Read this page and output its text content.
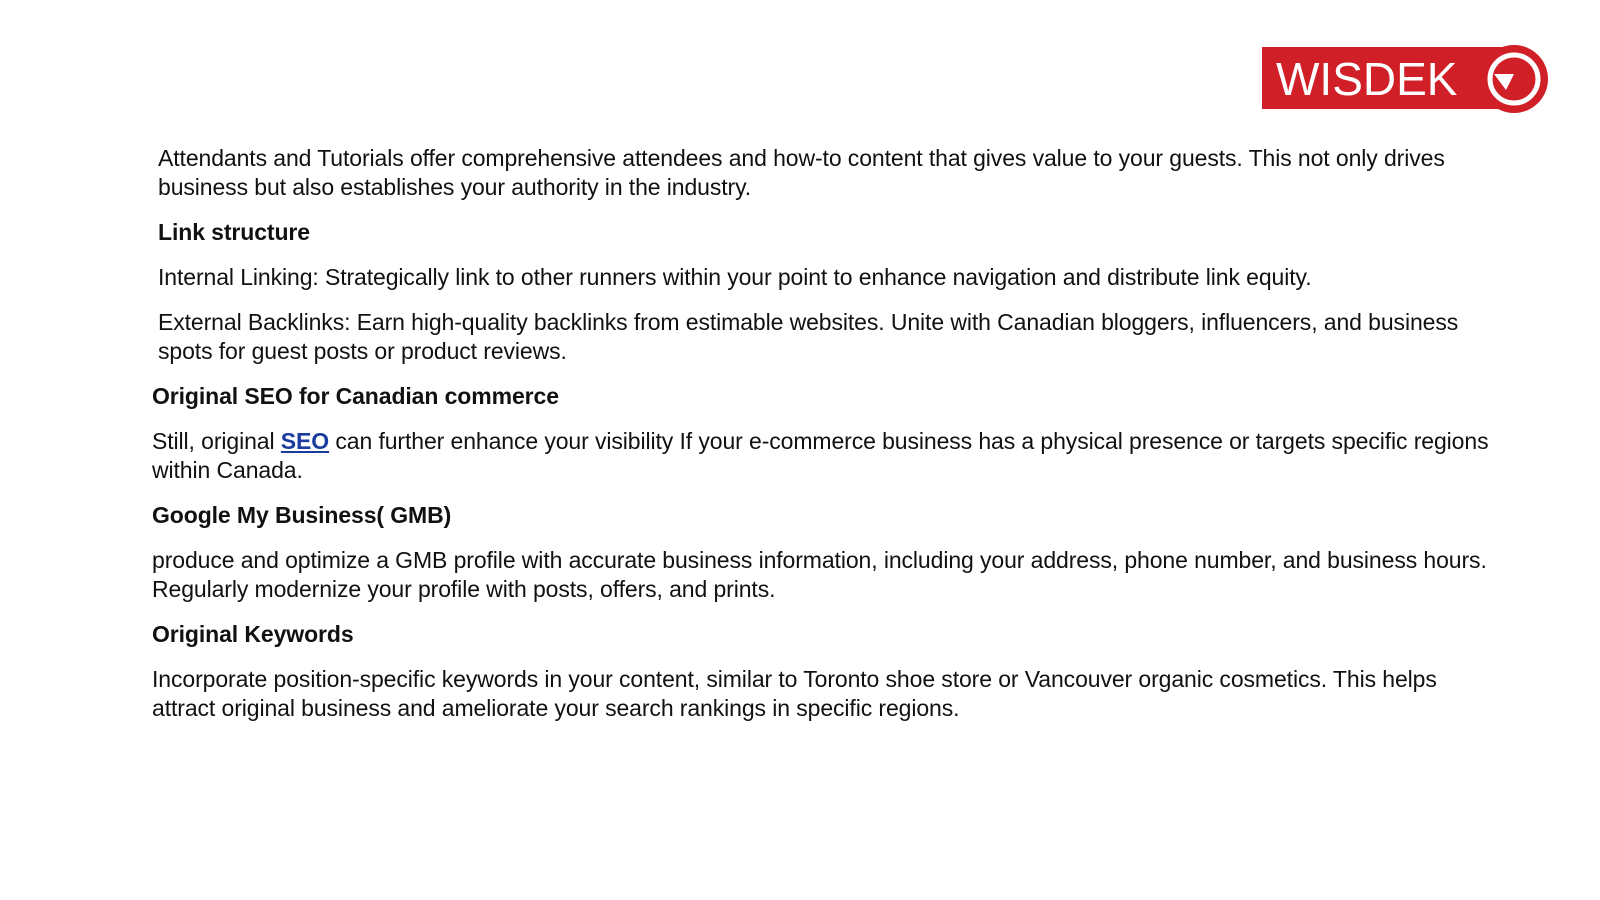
WISDEK

Attendants and Tutorials offer comprehensive attendees and how-to content that gives value to your guests. This not only drives business but also establishes your authority in the industry.

Link structure

Internal Linking: Strategically link to other runners within your point to enhance navigation and distribute link equity.

External Backlinks: Earn high-quality backlinks from estimable websites. Unite with Canadian bloggers, influencers, and business spots for guest posts or product reviews.

Original SEO for Canadian commerce

Still, original SEO can further enhance your visibility If your e-commerce business has a physical presence or targets specific regions within Canada.

Google My Business( GMB)

produce and optimize a GMB profile with accurate business information, including your address, phone number, and business hours. Regularly modernize your profile with posts, offers, and prints.

Original Keywords

Incorporate position-specific keywords in your content, similar to Toronto shoe store or Vancouver organic cosmetics. This helps attract original business and ameliorate your search rankings in specific regions.
